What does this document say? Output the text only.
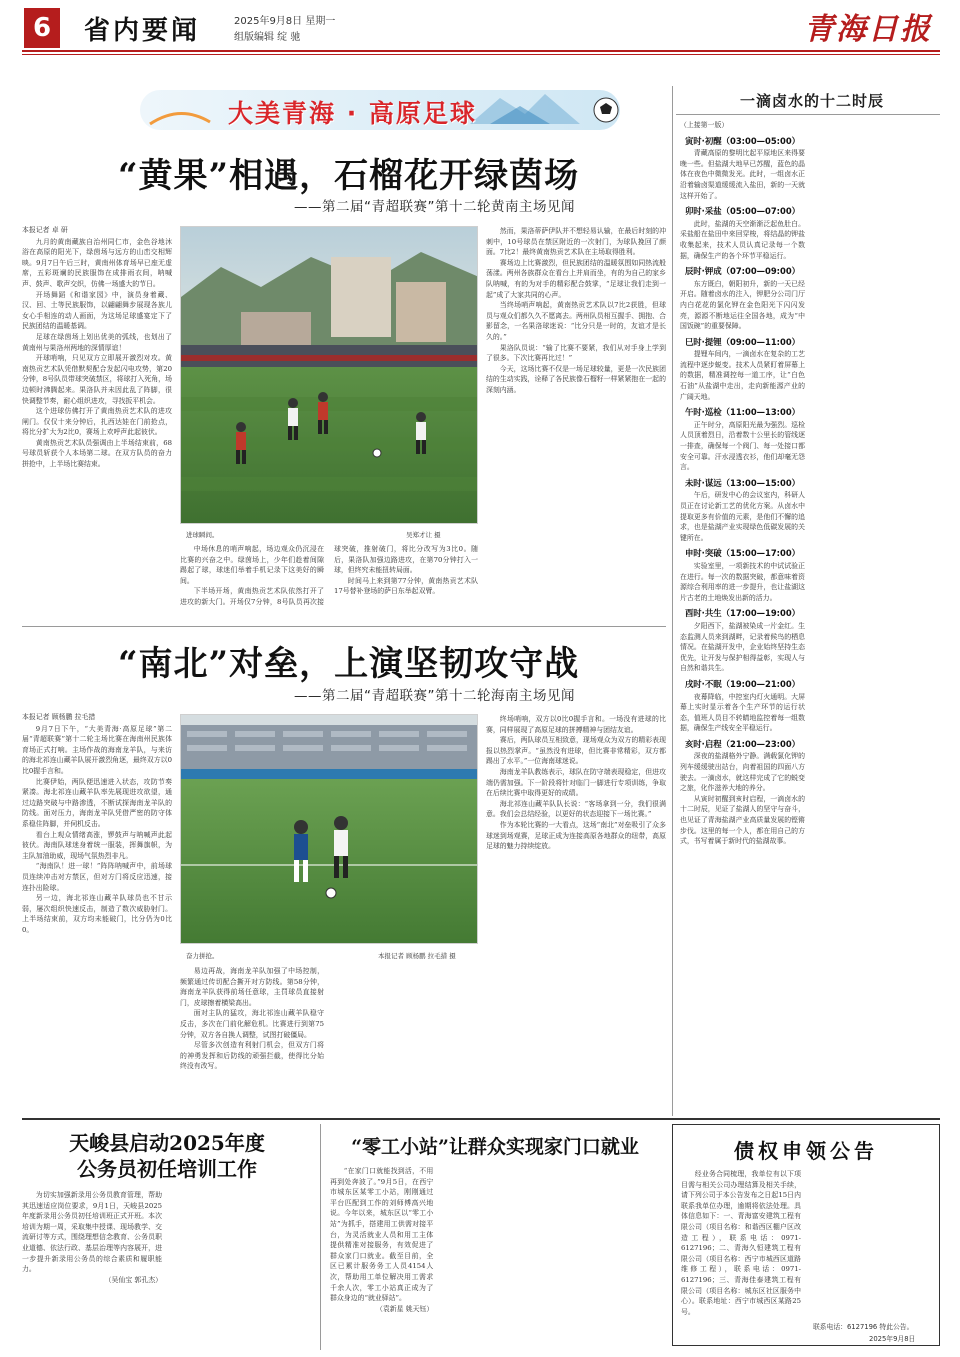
6	省内要闻	2025年9月8日 星期一
组版编辑 绽 驰	青海日报
大美青海 · 高原足球	一滴卤水的十二时辰
“黄果”相遇，石榴花开绿茵场
——第二届“青超联赛”第十二轮黄南主场见闻

本报记者 卓 研

九月的黄南藏族自治州同仁市，金色谷地沐浴在高原的阳光下，绿茵场与远方的山峦交相辉映。9月7日午后三时，黄南州体育场早已座无虚席，五彩斑斓的民族服饰在成排雨衣间，呐喊声、鼓声、歌声交织，仿佛一场盛大的节日。

开场舞蹈《和谐家园》中，演员身着藏、汉、回、土等民族服饰，以翩翩舞步展现各族儿女心手相连的动人画面，为这场足球盛宴定下了民族团结的温暖基调。

足球在绿茵场上划出优美的弧线，也划出了黄南州与果洛州两地的深情厚谊！

开球哨响，只见双方立即展开激烈对攻。黄南热贡艺术队凭借默契配合发起闪电攻势，第20分钟，8号队员带球突破禁区，将球打入死角，场边顿时沸腾起来。果洛队并未因此乱了阵脚，很快调整节奏，耐心组织进攻，寻找扳平机会。

这个进球仿佛打开了黄南热贡艺术队的进攻闸门。仅仅十来分钟后，扎西达娃在门前抢点，将比分扩大为2比0，赛场上欢呼声此起彼伏。

黄南热贡艺术队员强调由上半场结束前，68号球员斩获个人本场第二球。在双方队员的奋力拼抢中，上半场比赛结束。

进球瞬间。	吴郑才让 摄

然而，果洛蒂萨伊队并不想轻易认输，在最后时刻的冲刺中，10号球员在禁区附近的一次射门，为球队挽回了颜面。7比2！最终黄南热贡艺术队在主场取得胜利。

赛场边上比赛激烈，但民族团结的温暖氛围如同热流般荡漾。两州各族群众在看台上并肩而坐，有的为自己的家乡队呐喊，有的为对手的精彩配合鼓掌，“足球让我们走到一起”成了大家共同的心声。

当终场哨声响起，黄南热贡艺术队以7比2获胜，但球员与观众们都久久不愿离去。两州队员相互握手、拥抱、合影留念，一名果洛球迷说：“比分只是一时的，友谊才是长久的。”

果洛队员说：“输了比赛不要紧，我们从对手身上学到了很多。下次比赛再比过！”

今天，这场比赛不仅是一场足球较量，更是一次民族团结的生动实践，诠释了各民族像石榴籽一样紧紧抱在一起的深刻内涵。

中场休息的哨声响起，场边观众仍沉浸在比赛的兴奋之中。绿茵场上，少年们趁着间隙踢起了球，球迷们举着手机记录下这美好的瞬间。

下半场开场，黄南热贡艺术队依然打开了进攻的新大门。开场仅7分钟，8号队员再次接球突破，推射破门，将比分改写为3比0。随后，果洛队加强边路进攻，在第70分钟打入一球，但终究未能扭转局面。

时间马上来到第77分钟，黄南热贡艺术队17号替补登场的萨日东举起双臂。

“南北”对垒，上演坚韧攻守战
——第二届“青超联赛”第十二轮海南主场见闻

本报记者 顾杨鹏 拉毛措

9月7日下午，“大美青海·高原足球”第二届“青超联赛”第十二轮主场比赛在海南州民族体育场正式打响。主场作战的海南龙羊队，与来访的海北祁连山藏羊队展开激烈角逐，最终双方以0比0握手言和。

比赛伊始，两队便迅速进入状态，攻防节奏紧凑。海北祁连山藏羊队率先展现进攻欲望，通过边路突破与中路渗透，不断试探海南龙羊队的防线。面对压力，海南龙羊队凭借严密的防守体系稳住阵脚，并伺机反击。

看台上观众情绪高涨，锣鼓声与呐喊声此起彼伏。海南队球迷身着统一服装，挥舞旗帜，为主队加油助威，现场气氛热烈非凡。

“海南队！进一球！”阵阵呐喊声中，前场球员连续冲击对方禁区，但对方门将反应迅速，接连扑出险球。

另一边，海北祁连山藏羊队球员也不甘示弱，屡次组织快速反击，制造了数次威胁射门。上半场结束前，双方均未能破门，比分仍为0比0。

奋力拼抢。	本报记者 顾杨鹏 拉毛措 摄

终场哨响，双方以0比0握手言和。一场没有进球的比赛，同样展现了高原足球的拼搏精神与团结友谊。

赛后，两队球员互相致意，现场观众为双方的精彩表现报以热烈掌声。“虽然没有进球，但比赛非常精彩，双方都踢出了水平。”一位海南球迷说。

海南龙羊队教练表示，球队在防守端表现稳定，但进攻端仍需加强。下一阶段将针对临门一脚进行专项训练，争取在后续比赛中取得更好的成绩。

海北祁连山藏羊队队长说：“客场拿到一分，我们很满意。我们会总结经验，以更好的状态迎接下一场比赛。”

作为本轮比赛的一大看点，这场“南北”对垒吸引了众多球迷到场观赛，足球正成为连接高原各地群众的纽带，高原足球的魅力持续绽放。

易边再战，海南龙羊队加强了中场控制，频繁通过传切配合撕开对方防线。第58分钟，海南龙羊队获得前场任意球，主罚球员直接射门，皮球擦着横梁高出。

面对主队的猛攻，海北祁连山藏羊队稳守反击，多次在门前化解危机。比赛进行到第75分钟，双方各自换人调整，试图打破僵局。

尽管多次创造有利射门机会，但双方门将的神勇发挥和后防线的顽强拦截，使得比分始终没有改写。

（上接第一版）

寅时·初醒（03:00—05:00）

青藏高原的黎明比起平原地区来得要晚一些。但盐湖大地早已苏醒，蓝色的晶体在夜色中微微发光。此时，一组卤水正沿着输卤渠道缓缓流入盐田，新的一天就这样开始了。

卯时·采盐（05:00—07:00）

此时，盐湖的天空渐渐泛起鱼肚白。采盐船在盐田中来回穿梭，将结晶的钾盐收集起来，技术人员认真记录每一个数据，确保生产的各个环节平稳运行。

辰时·钾成（07:00—09:00）

东方既白，朝阳初升，新的一天已经开启。随着卤水的注入，钾肥分公司门厅内白花花的氯化钾在金色阳光下闪闪发亮，源源不断地运往全国各地，成为“中国饭碗”的重要保障。

巳时·提锂（09:00—11:00）

提锂车间内，一滴卤水在复杂的工艺流程中逐步蜕变。技术人员紧盯着屏幕上的数据，精准调控每一道工序，让“白色石油”从盐湖中走出，走向新能源产业的广阔天地。

午时·巡检（11:00—13:00）

正午时分，高原阳光最为强烈。巡检人员顶着烈日，沿着数十公里长的管线逐一排查，确保每一个阀门、每一处接口都安全可靠。汗水浸透衣衫，他们却毫无怨言。

未时·谋远（13:00—15:00）

午后，研发中心的会议室内，科研人员正在讨论新工艺的优化方案。从卤水中提取更多有价值的元素，是他们不懈的追求，也是盐湖产业实现绿色低碳发展的关键所在。

申时·突破（15:00—17:00）

实验室里，一项新技术的中试试验正在进行。每一次的数据突破，都意味着资源综合利用率的进一步提升，也让盐湖这片古老的土地焕发出新的活力。

酉时·共生（17:00—19:00）

夕阳西下，盐湖被染成一片金红。生态监测人员来到湖畔，记录着候鸟的栖息情况。在盐湖开发中，企业始终坚持生态优先，让开发与保护相得益彰，实现人与自然和谐共生。

戌时·不眠（19:00—21:00）

夜幕降临，中控室内灯火通明。大屏幕上实时显示着各个生产环节的运行状态，值班人员目不转睛地监控着每一组数据，确保生产线安全平稳运行。

亥时·启程（21:00—23:00）

深夜的盐湖格外宁静。满载氯化钾的列车缓缓驶出站台，向着祖国的四面八方驶去。一滴卤水，就这样完成了它的蜕变之旅，化作滋养大地的养分。

从寅时初醒到亥时启程，一滴卤水的十二时辰，见证了盐湖人的坚守与奋斗，也见证了青海盐湖产业高质量发展的铿锵步伐。这里的每一个人，都在用自己的方式，书写着属于新时代的盐湖故事。

天峻县启动2025年度
公务员初任培训工作

为切实加强新录用公务员教育管理，帮助其迅速适应岗位要求，9月1日，天峻县2025年度新录用公务员初任培训班正式开班。本次培训为期一周，采取集中授课、现场教学、交流研讨等方式，围绕理想信念教育、公务员职业道德、依法行政、基层治理等内容展开，进一步提升新录用公务员的综合素质和履职能力。

（吴仙宝 郭孔杰）

“零工小站”让群众实现家门口就业

“在家门口就能找到活，不用再到处奔波了。”9月5日，在西宁市城东区某零工小站，刚刚通过平台匹配到工作的刘师傅高兴地说。今年以来，城东区以“零工小站”为抓手，搭建用工供需对接平台，为灵活就业人员和用工主体提供精准对接服务，有效促进了群众家门口就业。截至目前，全区已累计服务务工人员4154人次，帮助用工单位解决用工需求千余人次，零工小站真正成为了群众身边的“就业驿站”。

（袁新星 姚天钰）

债权申领公告

经业务合同梳理，我单位有以下项目需与相关公司办理结算及相关手续，请下列公司于本公告发布之日起15日内联系我单位办理，逾期将依法处理。具体信息如下：一、青海富安建筑工程有限公司（项目名称：和谐西区棚户区改造工程），联系电话：0971-6127196；二、青海久恒建筑工程有限公司（项目名称：西宁市城西区道路维修工程），联系电话：0971-6127196；三、青海佳泰建筑工程有限公司（项目名称：城东区社区服务中心）。联系地址：西宁市城西区某路25号。

联系电话：6127196 特此公告。
2025年9月8日
